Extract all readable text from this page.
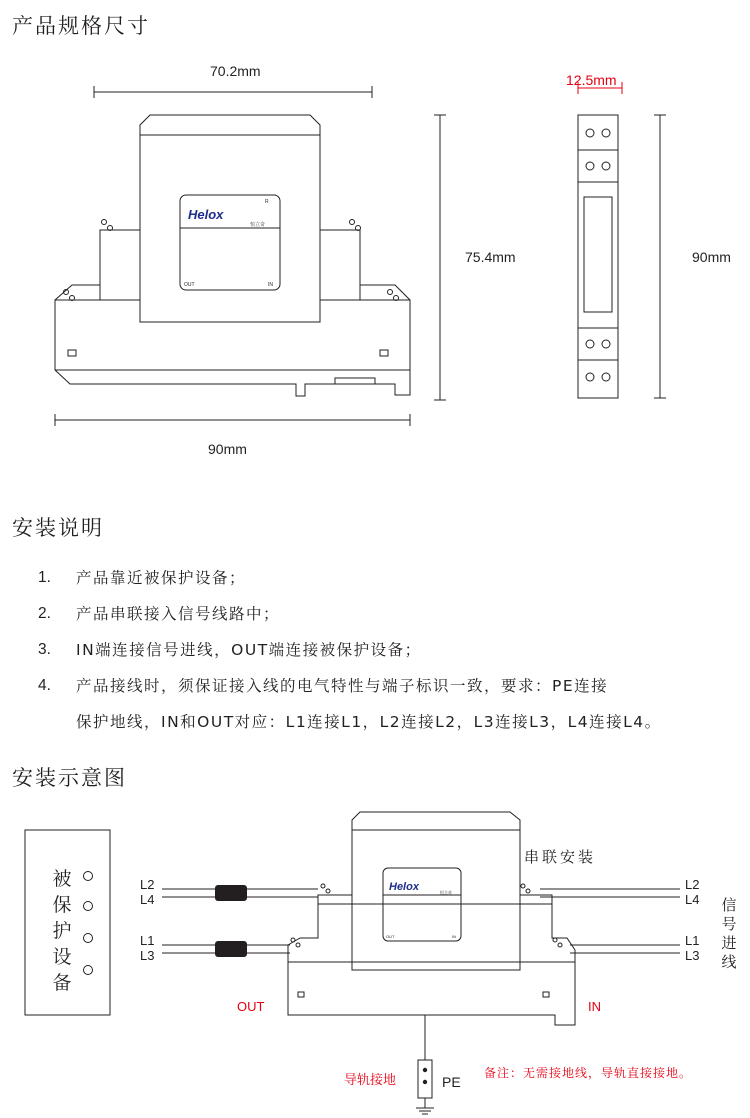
产品规格尺寸
安装说明
安装示意图
Helox
恒立奇
R
OUT	IN
Helox	恒立奇
OUT	IN
70.2mm
75.4mm
90mm
12.5mm
90mm
1.	产品靠近被保护设备；
2.	产品串联接入信号线路中；
3.	IN端连接信号进线，OUT端连接被保护设备；
4.	产品接线时，须保证接入线的电气特性与端子标识一致，要求：PE连接
保护地线，IN和OUT对应：L1连接L1，L2连接L2，L3连接L3，L4连接L4。
被
保
护
设
备
L2
L4
L1
L3
L2
L4
L1
L3
串联安装
信
号
进
线
OUT	IN
导轨接地	PE
备注：无需接地线，导轨直接接地。
